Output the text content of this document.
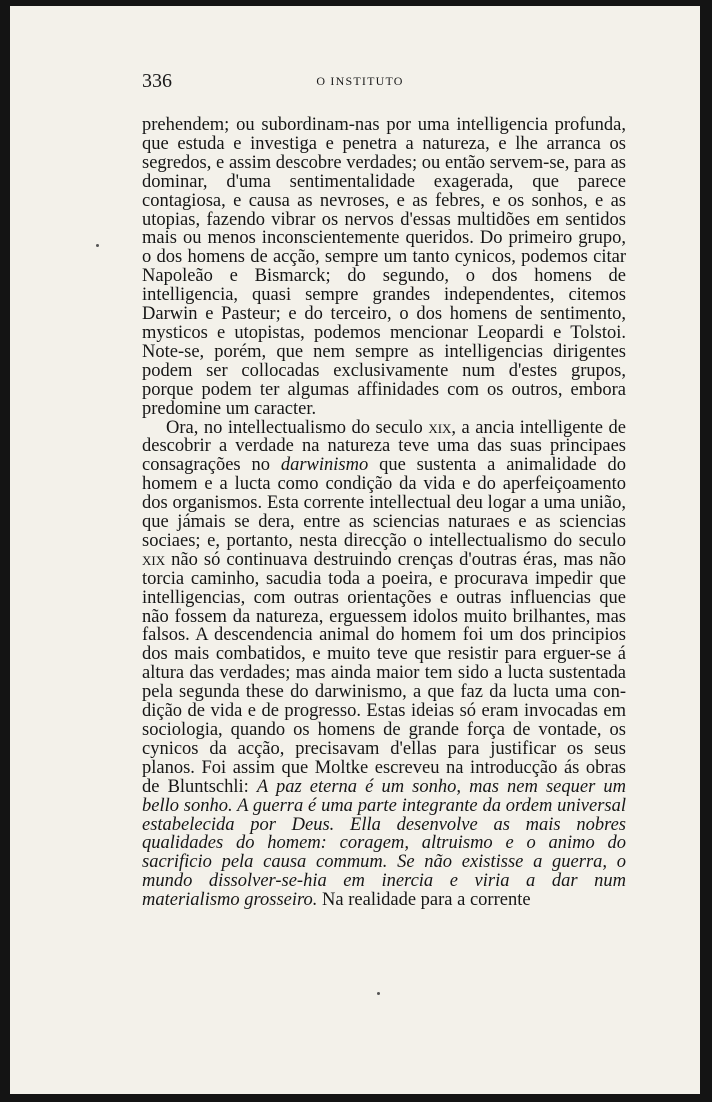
336	O INSTITUTO

prehendem; ou subordinam-nas por uma intelligencia profunda, que estuda e investiga e penetra a natureza, e lhe arranca os segredos, e assim descobre verdades; ou então servem-se, para as dominar, d'uma sentimentalidade exagerada, que parece contagiosa, e causa as nevroses, e as febres, e os sonhos, e as utopias, fazendo vibrar os nervos d'essas multidões em sentidos mais ou menos inconscientemente queridos. Do primeiro grupo, o dos homens de acção, sempre um tanto cynicos, podemos citar Napoleão e Bismarck; do segundo, o dos homens de intelligencia, quasi sempre grandes independentes, citemos Darwin e Pasteur; e do terceiro, o dos homens de sentimento, mysticos e utopistas, podemos mencionar Leopardi e Tolstoi. Note-se, porém, que nem sempre as intelligencias dirigentes podem ser collocadas exclusivamente num d'estes grupos, porque podem ter algumas affinidades com os outros, embora predomine um caracter.

Ora, no intellectualismo do seculo xix, a ancia intelligente de descobrir a verdade na natureza teve uma das suas principaes consagrações no darwinismo que sustenta a animalidade do homem e a lucta como condição da vida e do aperfeiçoamento dos organismos. Esta corrente intellectual deu logar a uma união, que jámais se dera, entre as sciencias naturaes e as sciencias sociaes; e, portanto, nesta direcção o intellectualismo do seculo xix não só continuava destruindo crenças d'outras éras, mas não torcia caminho, sacudia toda a poeira, e procurava impedir que intelligencias, com outras orientações e outras influencias que não fossem da natureza, erguessem idolos muito brilhantes, mas falsos. A descendencia animal do homem foi um dos principios dos mais combatidos, e muito teve que resistir para erguer-se á altura das verdades; mas ainda maior tem sido a lucta sustentada pela segunda these do darwinismo, a que faz da lucta uma condição de vida e de progresso. Estas ideias só eram invocadas em sociologia, quando os homens de grande força de vontade, os cynicos da acção, precisavam d'ellas para justificar os seus planos. Foi assim que Moltke escreveu na introducção ás obras de Bluntschli: A paz eterna é um sonho, mas nem sequer um bello sonho. A guerra é uma parte integrante da ordem universal estabelecida por Deus. Ella desenvolve as mais nobres qualidades do homem: coragem, altruismo e o animo do sacrificio pela causa commum. Se não existisse a guerra, o mundo dissolver-se-hia em inercia e viria a dar num materialismo grosseiro. Na realidade para a corrente
